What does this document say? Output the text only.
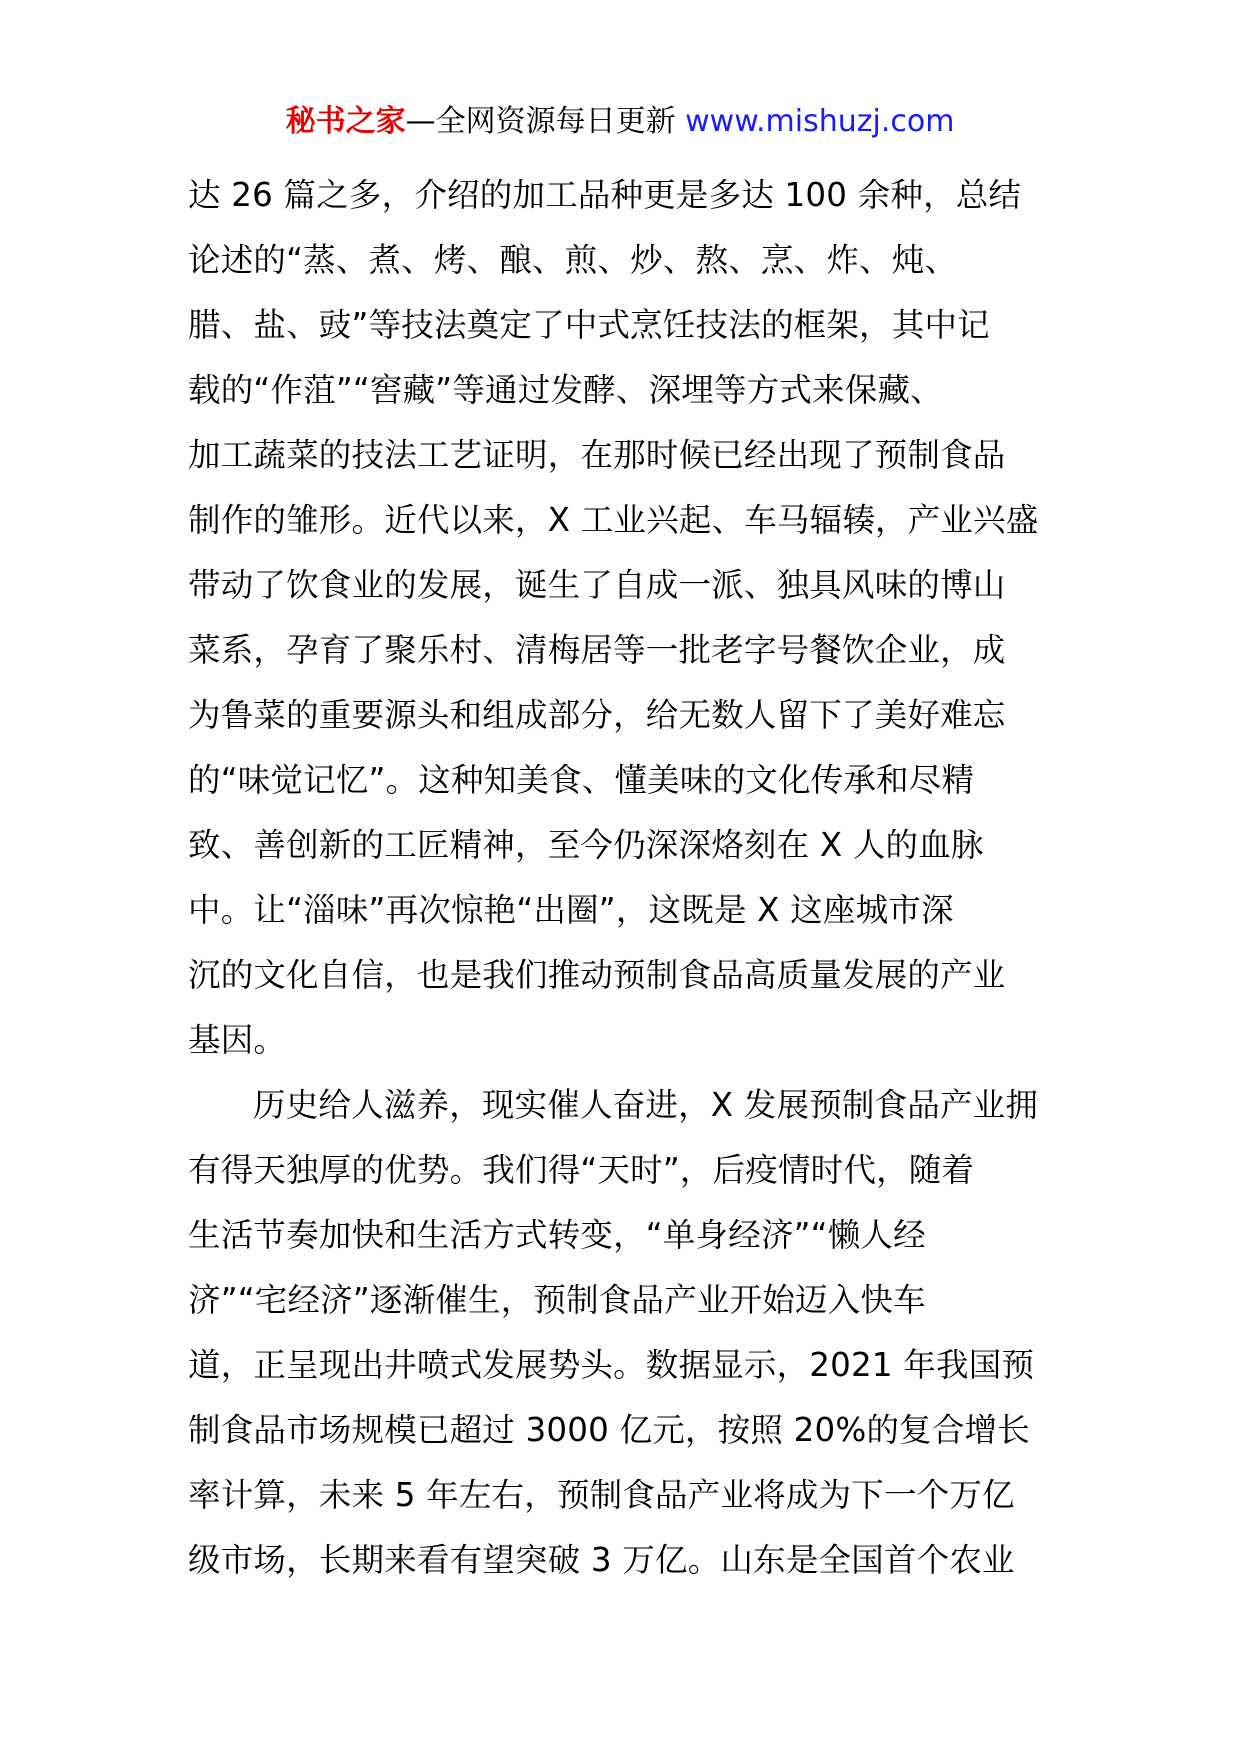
秘书之家—全网资源每日更新 www.mishuzj.com
达 26 篇之多，介绍的加工品种更是多达 100 余种，总结
论述的“蒸、煮、烤、酿、煎、炒、熬、烹、炸、炖、
腊、盐、豉”等技法奠定了中式烹饪技法的框架，其中记
载的“作菹”“窖藏”等通过发酵、深埋等方式来保藏、
加工蔬菜的技法工艺证明，在那时候已经出现了预制食品
制作的雏形。近代以来，X 工业兴起、车马辐辏，产业兴盛
带动了饮食业的发展，诞生了自成一派、独具风味的博山
菜系，孕育了聚乐村、清梅居等一批老字号餐饮企业，成
为鲁菜的重要源头和组成部分，给无数人留下了美好难忘
的“味觉记忆”。这种知美食、懂美味的文化传承和尽精
致、善创新的工匠精神，至今仍深深烙刻在 X 人的血脉
中。让“淄味”再次惊艳“出圈”，这既是 X 这座城市深
沉的文化自信，也是我们推动预制食品高质量发展的产业
基因。
历史给人滋养，现实催人奋进，X 发展预制食品产业拥
有得天独厚的优势。我们得“天时”，后疫情时代，随着
生活节奏加快和生活方式转变，“单身经济”“懒人经
济”“宅经济”逐渐催生，预制食品产业开始迈入快车
道，正呈现出井喷式发展势头。数据显示，2021 年我国预
制食品市场规模已超过 3000 亿元，按照 20%的复合增长
率计算，未来 5 年左右，预制食品产业将成为下一个万亿
级市场，长期来看有望突破 3 万亿。山东是全国首个农业
